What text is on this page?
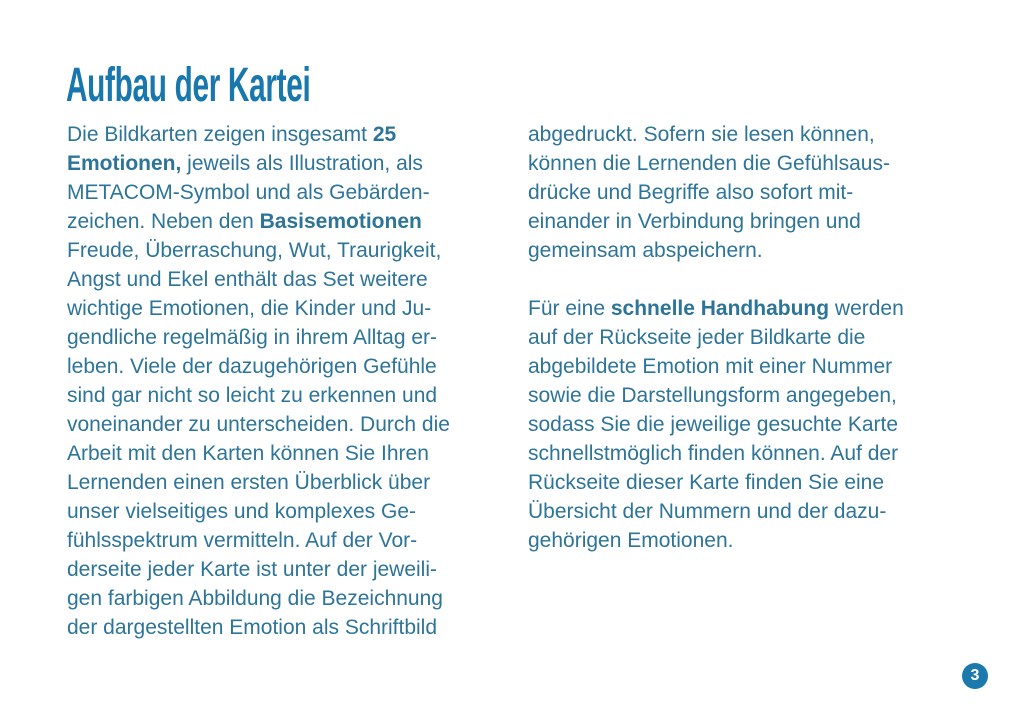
Aufbau der Kartei
Die Bildkarten zeigen insgesamt 25
Emotionen, jeweils als Illustration, als
METACOM-Symbol und als Gebärden-
zeichen. Neben den Basisemotionen
Freude, Überraschung, Wut, Traurigkeit,
Angst und Ekel enthält das Set weitere
wichtige Emotionen, die Kinder und Ju-
gendliche regelmäßig in ihrem Alltag er-
leben. Viele der dazugehörigen Gefühle
sind gar nicht so leicht zu erkennen und
voneinander zu unterscheiden. Durch die
Arbeit mit den Karten können Sie Ihren
Lernenden einen ersten Überblick über
unser vielseitiges und komplexes Ge-
fühlsspektrum vermitteln. Auf der Vor-
derseite jeder Karte ist unter der jeweili-
gen farbigen Abbildung die Bezeichnung
der dargestellten Emotion als Schriftbild
abgedruckt. Sofern sie lesen können,
können die Lernenden die Gefühlsaus-
drücke und Begriffe also sofort mit-
einander in Verbindung bringen und
gemeinsam abspeichern.
Für eine schnelle Handhabung werden
auf der Rückseite jeder Bildkarte die
abgebildete Emotion mit einer Nummer
sowie die Darstellungsform angegeben,
sodass Sie die jeweilige gesuchte Karte
schnellstmöglich finden können. Auf der
Rückseite dieser Karte finden Sie eine
Übersicht der Nummern und der dazu-
gehörigen Emotionen.
3
